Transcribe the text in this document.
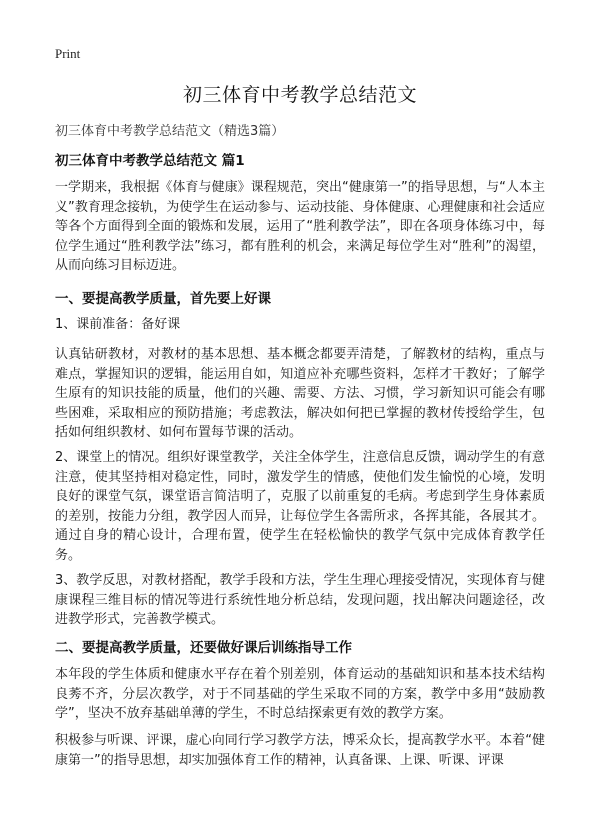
Print
初三体育中考教学总结范文

初三体育中考教学总结范文（精选3篇）

初三体育中考教学总结范文 篇1

一学期来，我根据《体育与健康》课程规范，突出“健康第一”的指导思想，与“人本主义”教育理念接轨，为使学生在运动参与、运动技能、身体健康、心理健康和社会适应等各个方面得到全面的锻炼和发展，运用了“胜利教学法”，即在各项身体练习中，每位学生通过“胜利教学法”练习，都有胜利的机会，来满足每位学生对“胜利”的渴望，从而向练习目标迈进。

一、要提高教学质量，首先要上好课

1、课前准备：备好课

认真钻研教材，对教材的基本思想、基本概念都要弄清楚，了解教材的结构，重点与难点，掌握知识的逻辑，能运用自如，知道应补充哪些资料，怎样才干教好；了解学生原有的知识技能的质量，他们的兴趣、需要、方法、习惯，学习新知识可能会有哪些困难，采取相应的预防措施；考虑教法，解决如何把已掌握的教材传授给学生，包括如何组织教材、如何布置每节课的活动。

2、课堂上的情况。组织好课堂教学，关注全体学生，注意信息反馈，调动学生的有意注意，使其坚持相对稳定性，同时，激发学生的情感，使他们发生愉悦的心境，发明良好的课堂气氛，课堂语言简洁明了，克服了以前重复的毛病。考虑到学生身体素质的差别，按能力分组，教学因人而异，让每位学生各需所求，各挥其能，各展其才。通过自身的精心设计，合理布置，使学生在轻松愉快的教学气氛中完成体育教学任务。

3、教学反思，对教材搭配，教学手段和方法，学生生理心理接受情况，实现体育与健康课程三维目标的情况等进行系统性地分析总结，发现问题，找出解决问题途径，改进教学形式，完善教学模式。

二、要提高教学质量，还要做好课后训练指导工作

本年段的学生体质和健康水平存在着个别差别，体育运动的基础知识和基本技术结构良莠不齐，分层次教学，对于不同基础的学生采取不同的方案，教学中多用“鼓励教学”，坚决不放弃基础单薄的学生，不时总结探索更有效的教学方案。

积极参与听课、评课，虚心向同行学习教学方法，博采众长，提高教学水平。本着“健康第一”的指导思想，却实加强体育工作的精神，认真备课、上课、听课、评课
